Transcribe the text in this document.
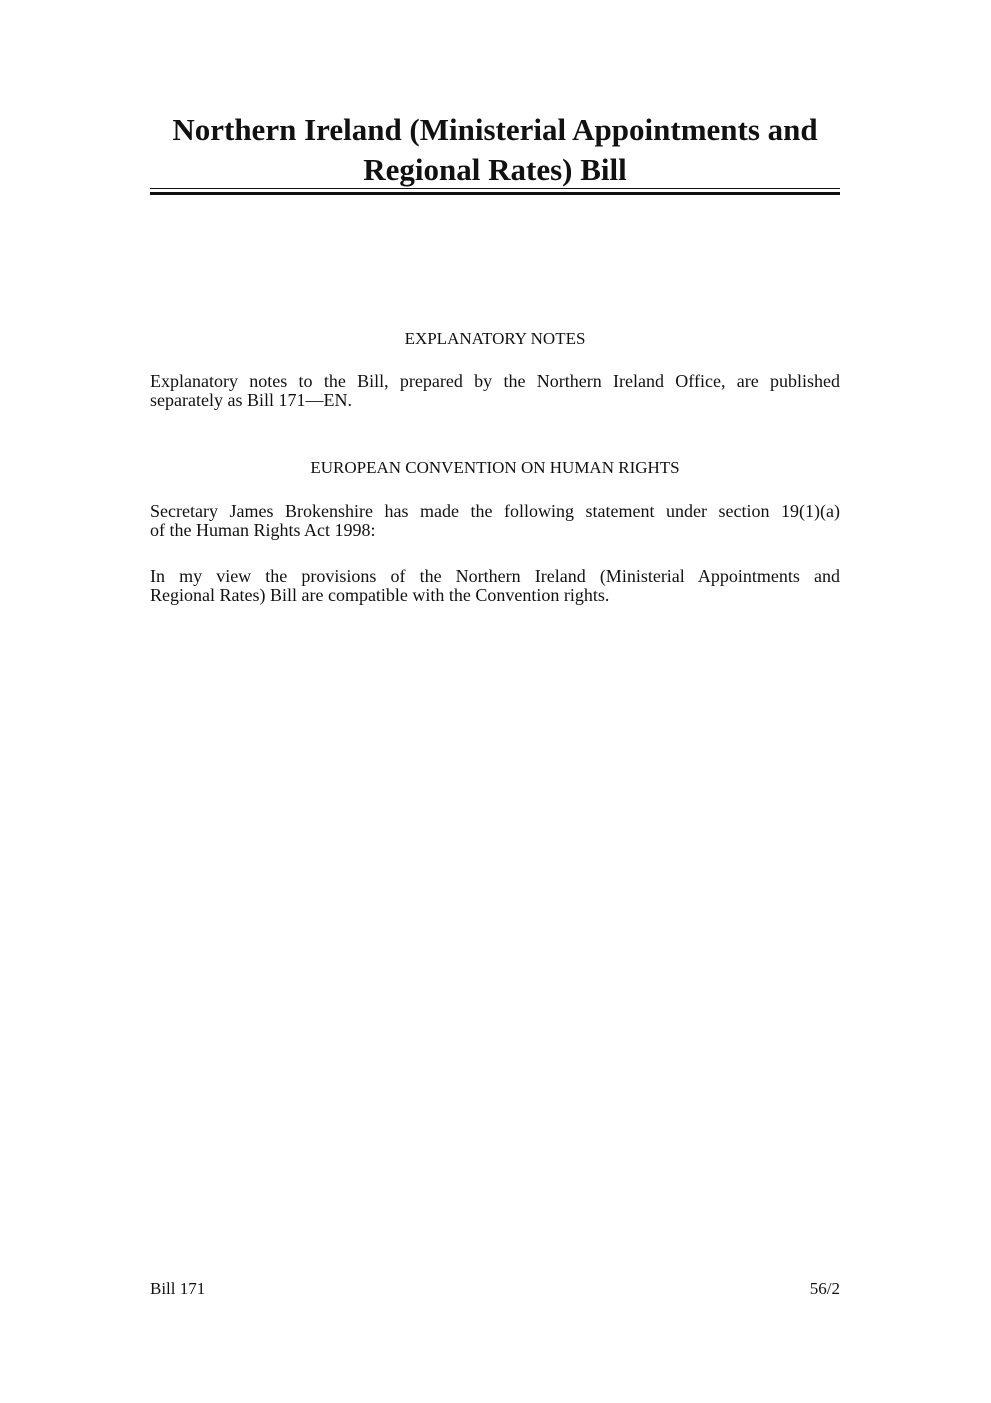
Northern Ireland (Ministerial Appointments and
Regional Rates) Bill
EXPLANATORY NOTES
Explanatory notes to the Bill, prepared by the Northern Ireland Office, are published
separately as Bill 171—EN.
EUROPEAN CONVENTION ON HUMAN RIGHTS
Secretary James Brokenshire has made the following statement under section 19(1)(a)
of the Human Rights Act 1998:
In my view the provisions of the Northern Ireland (Ministerial Appointments and
Regional Rates) Bill are compatible with the Convention rights.
Bill 171	56/2
